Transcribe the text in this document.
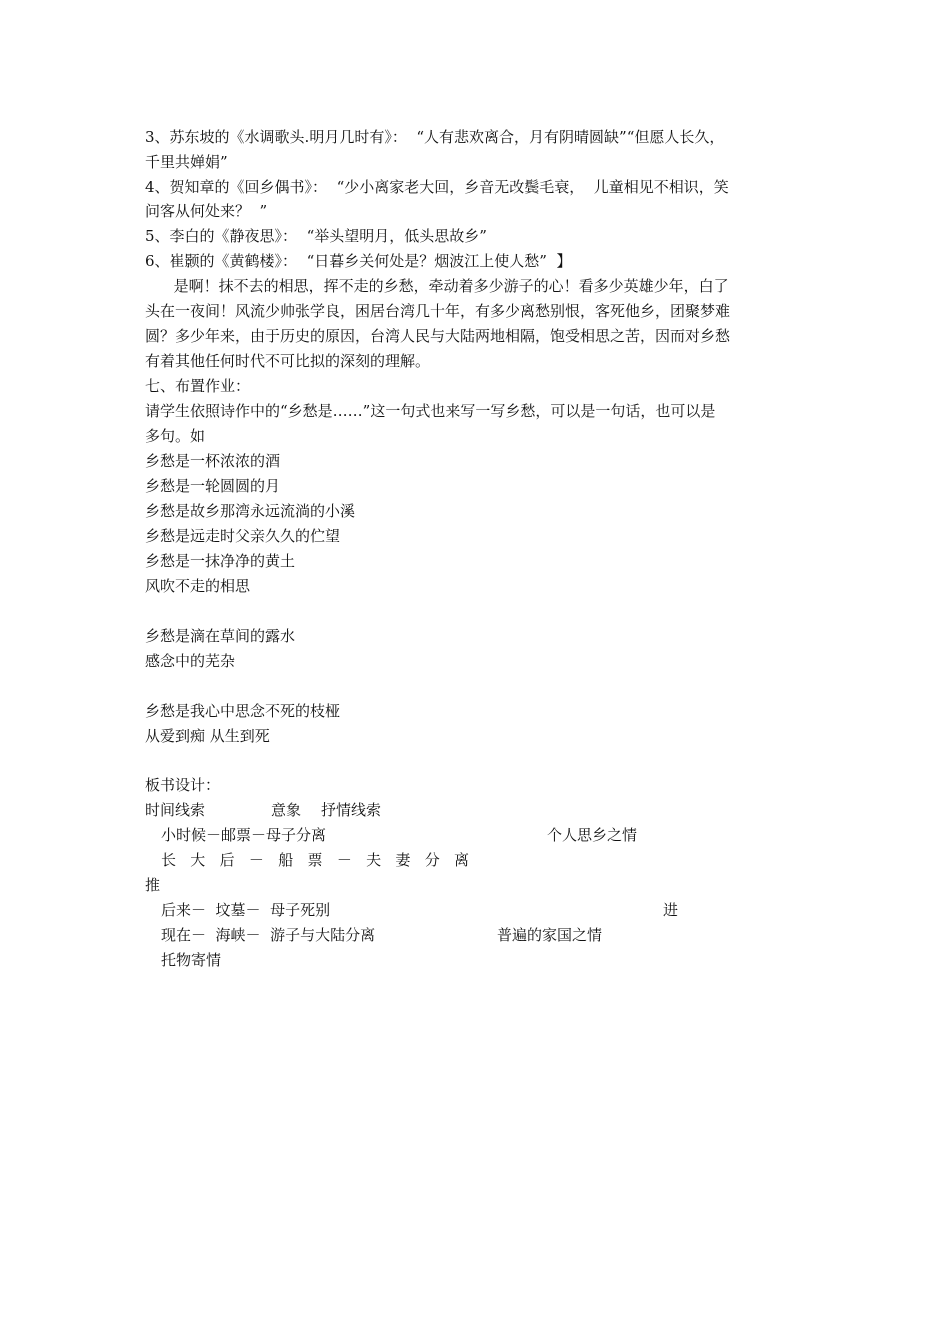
3、苏东坡的《水调歌头.明月几时有》：  “人有悲欢离合，月有阴晴圆缺”“但愿人长久，
千里共婵娟”
4、贺知章的《回乡偶书》：  “少小离家老大回，乡音无改鬓毛衰，  儿童相见不相识，笑
问客从何处来？  ”
5、李白的《静夜思》：  “举头望明月，低头思故乡”
6、崔颢的《黄鹤楼》：  “日暮乡关何处是？烟波江上使人愁”  】
是啊！抹不去的相思，挥不走的乡愁，牵动着多少游子的心！看多少英雄少年，白了
头在一夜间！风流少帅张学良，困居台湾几十年，有多少离愁别恨，客死他乡，团聚梦难
圆？多少年来，由于历史的原因，台湾人民与大陆两地相隔，饱受相思之苦，因而对乡愁
有着其他任何时代不可比拟的深刻的理解。
七、布置作业：
请学生依照诗作中的“乡愁是……”这一句式也来写一写乡愁，可以是一句话，也可以是
多句。如
乡愁是一杯浓浓的酒
乡愁是一轮圆圆的月
乡愁是故乡那湾永远流淌的小溪
乡愁是远走时父亲久久的伫望
乡愁是一抹净净的黄土
风吹不走的相思
乡愁是滴在草间的露水
感念中的芜杂
乡愁是我心中思念不死的枝桠
从爱到痴 从生到死
板书设计：
时间线索	意象 抒情线索
小时候－邮票－母子分离	个人思乡之情
长   大   后   －   船   票   －   夫   妻   分   离
推
后来－  坟墓－  母子死别	进
现在－  海峡－  游子与大陆分离	普遍的家国之情
托物寄情
